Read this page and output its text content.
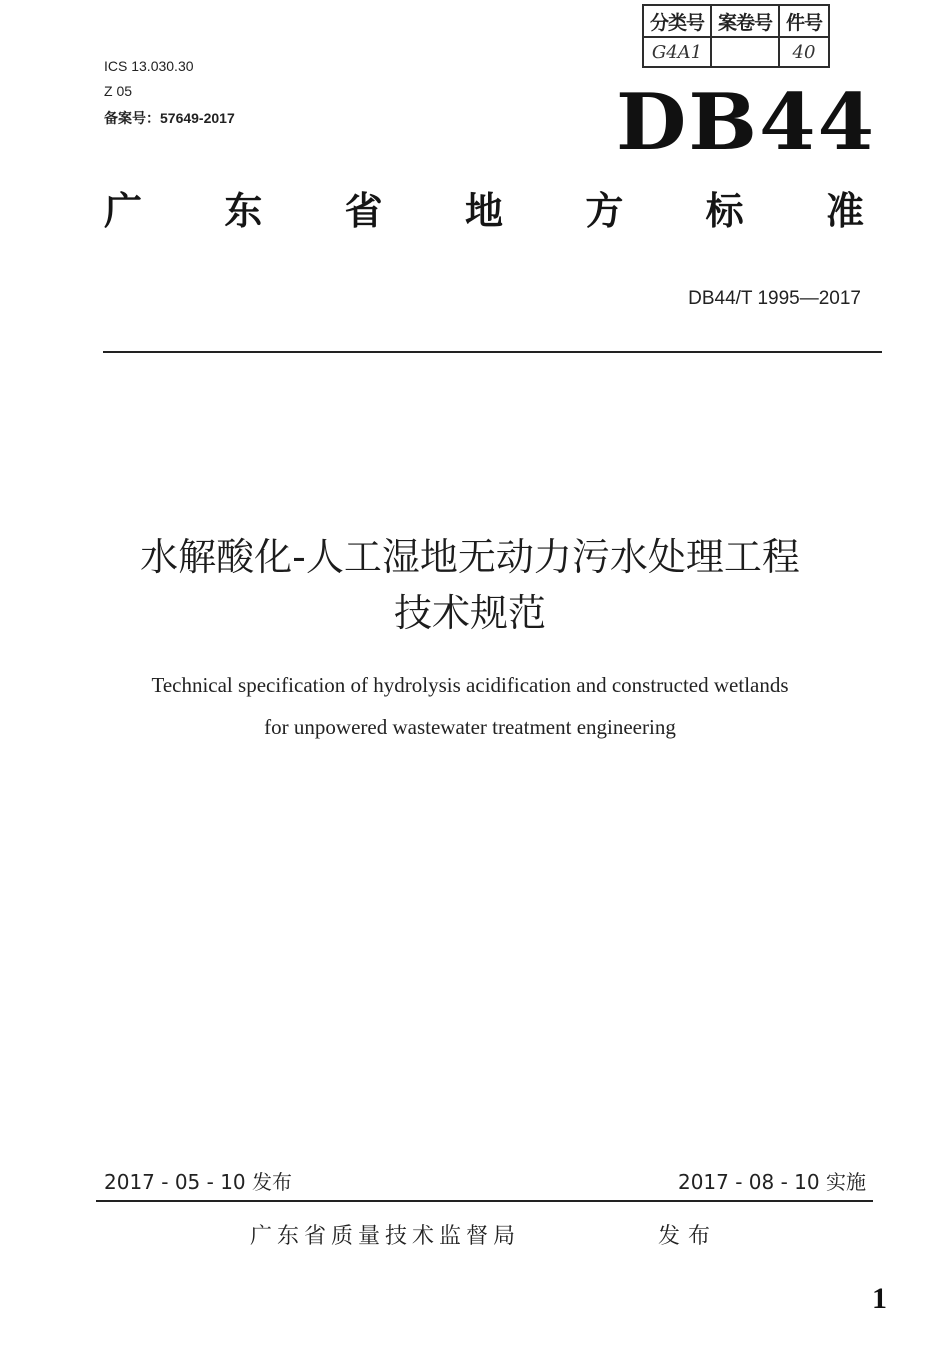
ICS 13.030.30
Z 05
备案号：57649-2017
分类号	案卷号	件号
G4A1		40
DB44
广 东 省 地 方 标 准
DB44/T 1995—2017
水解酸化-人工湿地无动力污水处理工程
技术规范
Technical specification of hydrolysis acidification and constructed wetlands
for unpowered wastewater treatment engineering
2017 - 05 - 10 发布	2017 - 08 - 10 实施
广东省质量技术监督局	发布
1
